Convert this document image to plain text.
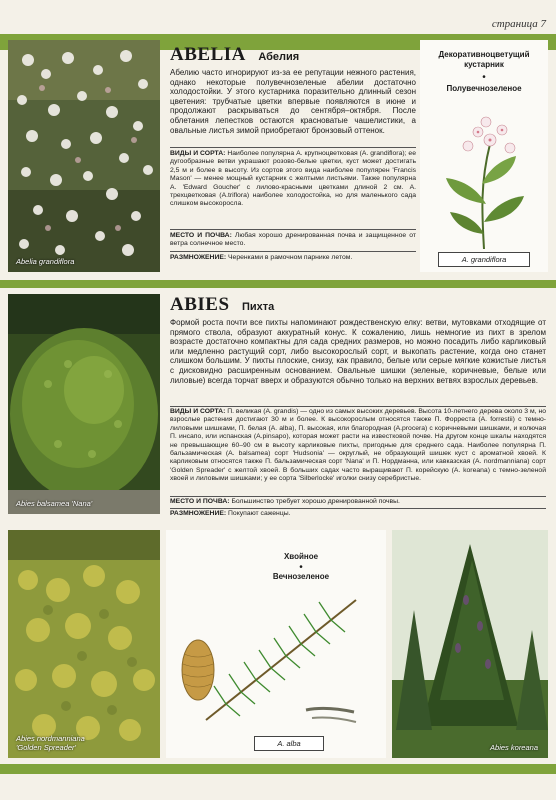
страница 7
Abelia grandiflora
ABELIA Абелия
Абелию часто игнорируют из-за ее репутации нежного растения, однако некоторые полувечнозеленые абелии достаточно холодостойки. У этого кустарника поразительно длинный сезон цветения: трубчатые цветки впервые появляются в июне и продолжают раскрываться до сентября–октября. После облетания лепестков остаются красноватые чашелистики, а овальные листья зимой приобретают бронзовый оттенок.
ВИДЫ И СОРТА: Наиболее популярна A. крупноцветковая (A. grandiflora); ее дугообразные ветви украшают розово-белые цветки, куст может достигать 2,5 м и более в высоту. Из сортов этого вида наиболее популярен 'Francis Mason' — менее мощный кустарник с желтыми листьями. Также популярна A. 'Edward Goucher' с лилово-красными цветками длиной 2 см. A. трехцветковая (A.triflora) наиболее холодостойка, но для маленького сада слишком высокоросла.
МЕСТО И ПОЧВА: Любая хорошо дренированная почва и защищенное от ветра солнечное место.
РАЗМНОЖЕНИЕ: Черенками в рамочном парнике летом.
Декоративноцветущий кустарник
•
Полувечнозеленое
A. grandiflora
Abies balsamea 'Nana'
ABIES Пихта
Формой роста почти все пихты напоминают рождественскую елку: ветви, мутовками отходящие от прямого ствола, образуют аккуратный конус. К сожалению, лишь немногие из пихт в зрелом возрасте достаточно компактны для сада средних размеров, но можно посадить либо карликовый или медленно растущий сорт, либо высокорослый сорт, и выкопать растение, когда оно станет слишком большим. У пихты плоские, снизу, как правило, белые или серые мягкие кожистые листья с дисковидно расширенным основанием. Овальные шишки (зеленые, коричневые, белые или лиловые) всегда торчат вверх и образуются обычно только на верхних ветвях взрослых деревьев.
ВИДЫ И СОРТА: П. великая (A. grandis) — одно из самых высоких деревьев. Высота 10-летнего дерева около 3 м, но взрослые растения достигают 30 м и более. К высокорослым относятся также П. Форреста (A. forrestii) с темно-лиловыми шишками, П. белая (A. alba), П. высокая, или благородная (A.procera) с коричневыми шишками, и колючая П. инсапо, или испанская (A.pinsapo), которая может расти на известковой почве. На другом конце шкалы находятся не превышающие 60–90 см в высоту карликовые пихты, пригодные для среднего сада. Наиболее популярна П. бальзамическая (A. balsamea) сорт 'Hudsonia' — округлый, не образующий шишек куст с ароматной хвоей. К карликовым относятся также П. бальзамическая сорт 'Nana' и П. Нордманна, или кавказская (A. nordmanniana) сорт 'Golden Spreader' с желтой хвоей. В больших садах часто выращивают П. корейскую (A. koreana) с темно-зеленой хвоей и лиловыми шишками; у ее сорта 'Silberlocke' иголки снизу серебристые.
МЕСТО И ПОЧВА: Большинство требует хорошо дренированной почвы.
РАЗМНОЖЕНИЕ: Покупают саженцы.
Abies nordmanniana
'Golden Spreader'
Хвойное
•
Вечнозеленое
A. alba	Abies koreana
